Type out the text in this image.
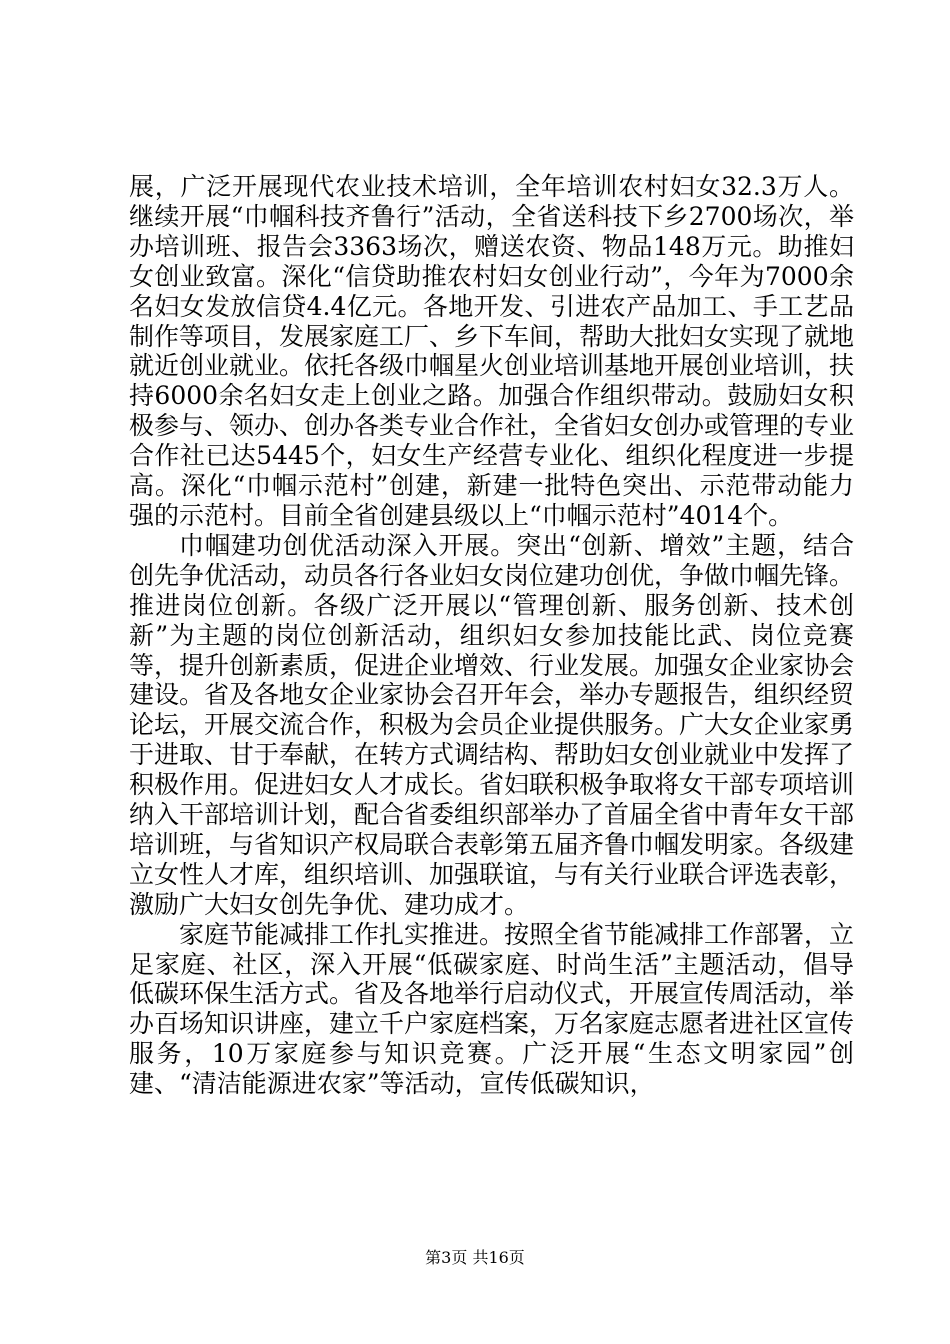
展，广泛开展现代农业技术培训，全年培训农村妇女32.3万人。继续开展“巾帼科技齐鲁行”活动，全省送科技下乡2700场次，举办培训班、报告会3363场次，赠送农资、物品148万元。助推妇女创业致富。深化“信贷助推农村妇女创业行动”，今年为7000余名妇女发放信贷4.4亿元。各地开发、引进农产品加工、手工艺品制作等项目，发展家庭工厂、乡下车间，帮助大批妇女实现了就地就近创业就业。依托各级巾帼星火创业培训基地开展创业培训，扶持6000余名妇女走上创业之路。加强合作组织带动。鼓励妇女积极参与、领办、创办各类专业合作社，全省妇女创办或管理的专业合作社已达5445个，妇女生产经营专业化、组织化程度进一步提高。深化“巾帼示范村”创建，新建一批特色突出、示范带动能力强的示范村。目前全省创建县级以上“巾帼示范村”4014个。

巾帼建功创优活动深入开展。突出“创新、增效”主题，结合创先争优活动，动员各行各业妇女岗位建功创优，争做巾帼先锋。推进岗位创新。各级广泛开展以“管理创新、服务创新、技术创新”为主题的岗位创新活动，组织妇女参加技能比武、岗位竞赛等，提升创新素质，促进企业增效、行业发展。加强女企业家协会建设。省及各地女企业家协会召开年会，举办专题报告，组织经贸论坛，开展交流合作，积极为会员企业提供服务。广大女企业家勇于进取、甘于奉献，在转方式调结构、帮助妇女创业就业中发挥了积极作用。促进妇女人才成长。省妇联积极争取将女干部专项培训纳入干部培训计划，配合省委组织部举办了首届全省中青年女干部培训班，与省知识产权局联合表彰第五届齐鲁巾帼发明家。各级建立女性人才库，组织培训、加强联谊，与有关行业联合评选表彰，激励广大妇女创先争优、建功成才。

家庭节能减排工作扎实推进。按照全省节能减排工作部署，立足家庭、社区，深入开展“低碳家庭、时尚生活”主题活动，倡导低碳环保生活方式。省及各地举行启动仪式，开展宣传周活动，举办百场知识讲座，建立千户家庭档案，万名家庭志愿者进社区宣传服务，10万家庭参与知识竞赛。广泛开展“生态文明家园”创建、“清洁能源进农家”等活动，宣传低碳知识，

第3页 共16页
